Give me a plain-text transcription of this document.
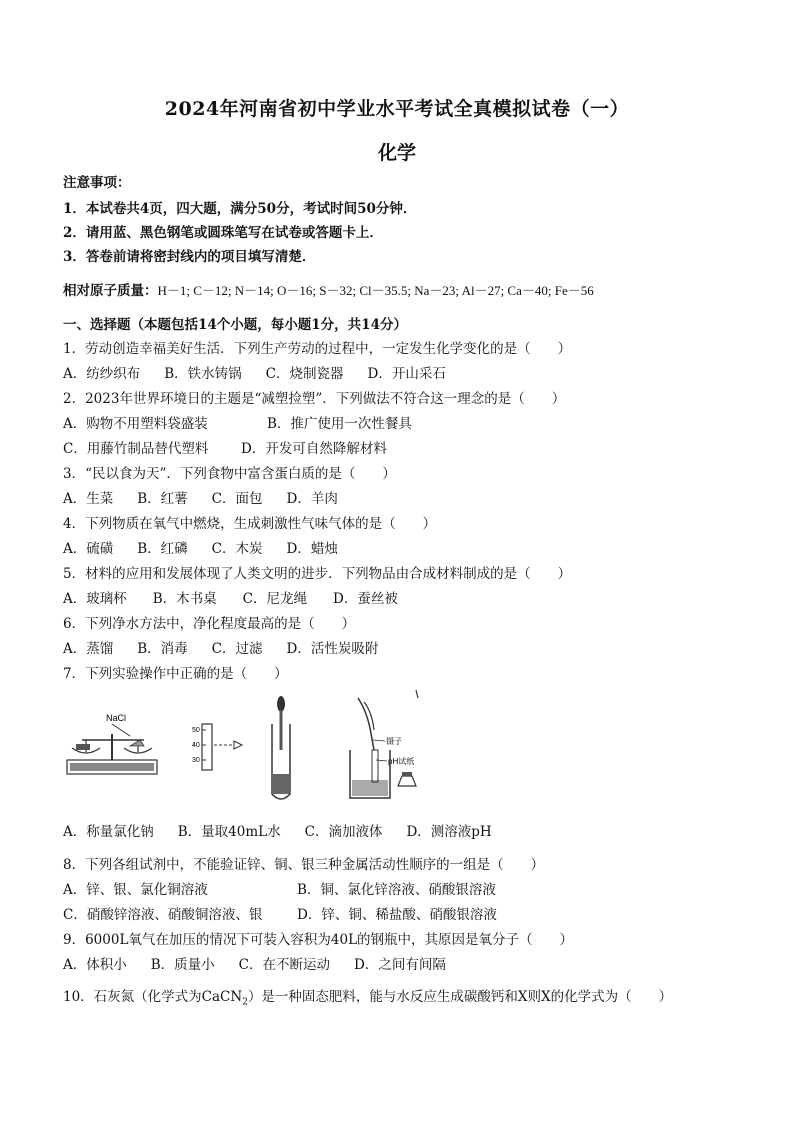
2024年河南省初中学业水平考试全真模拟试卷（一）
化学
注意事项：
1．本试卷共4页，四大题，满分50分，考试时间50分钟．
2．请用蓝、黑色钢笔或圆珠笔写在试卷或答题卡上．
3．答卷前请将密封线内的项目填写清楚．
相对原子质量：H－1; C－12; N－14; O－16; S－32; Cl－35.5; Na－23; Al－27; Ca－40; Fe－56
一、选择题（本题包括14个小题，每小题1分，共14分）
1．劳动创造幸福美好生活．下列生产劳动的过程中，一定发生化学变化的是（　　）
A．纺纱织布 B．铁水铸锅 C．烧制瓷器 D．开山采石
2．2023年世界环境日的主题是“减塑捡塑”．下列做法不符合这一理念的是（　　）
A．购物不用塑料袋盛装	B．推广使用一次性餐具
C．用藤竹制品替代塑料 D．开发可自然降解材料
3．“民以食为天”．下列食物中富含蛋白质的是（　　）
A．生菜 B．红薯 C．面包 D．羊肉
4．下列物质在氧气中燃烧，生成刺激性气味气体的是（　　）
A．硫磺 B．红磷 C．木炭 D．蜡烛
5．材料的应用和发展体现了人类文明的进步．下列物品由合成材料制成的是（　　）
A．玻璃杯 B．木书桌 C．尼龙绳 D．蚕丝被
6．下列净水方法中，净化程度最高的是（　　）
A．蒸馏 B．消毒 C．过滤 D．活性炭吸附
7．下列实验操作中正确的是（　　）
NaCl
50
40
30
镊子
pH试纸
A．称量氯化钠 B．量取40mL水 C．滴加液体 D．测溶液pH
8．下列各组试剂中，不能验证锌、铜、银三种金属活动性顺序的一组是（　　）
A．锌、银、氯化铜溶液	B．铜、氯化锌溶液、硝酸银溶液
C．硝酸锌溶液、硝酸铜溶液、银	D．锌、铜、稀盐酸、硝酸银溶液
9．6000L氧气在加压的情况下可装入容积为40L的钢瓶中，其原因是氧分子（　　）
A．体积小 B．质量小 C．在不断运动 D．之间有间隔
10．石灰氮（化学式为CaCN$_2$）是一种固态肥料，能与水反应生成碳酸钙和X则X的化学式为（　　）
